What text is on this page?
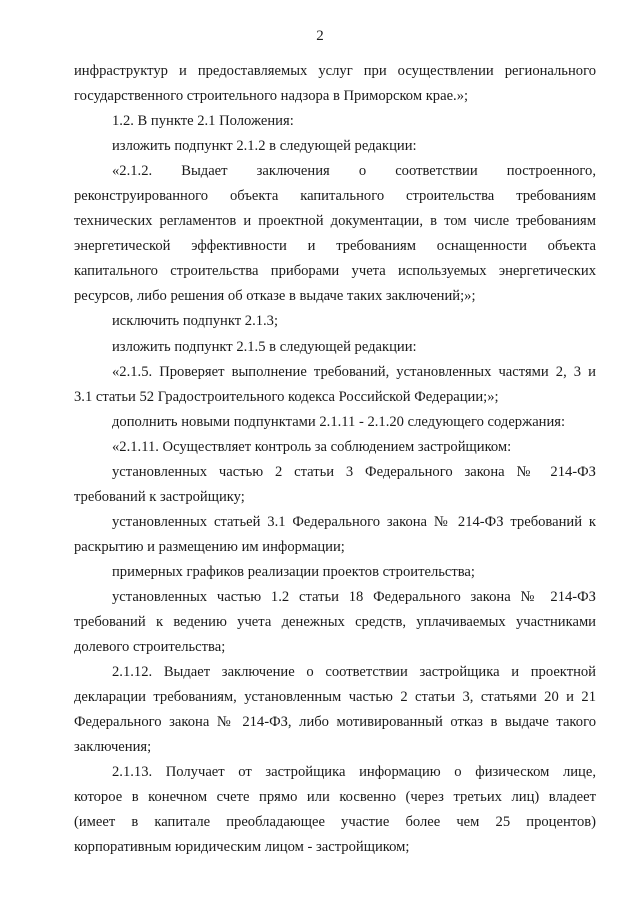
2
инфраструктур и предоставляемых услуг при осуществлении регионального
государственного строительного надзора в Приморском крае.»;
1.2. В пункте 2.1 Положения:
изложить подпункт 2.1.2 в следующей редакции:
«2.1.2. Выдает заключения о соответствии построенного,
реконструированного объекта капитального строительства требованиям
технических регламентов и проектной документации, в том числе требованиям
энергетической эффективности и требованиям оснащенности объекта
капитального строительства приборами учета используемых энергетических
ресурсов, либо решения об отказе в выдаче таких заключений;»;
исключить подпункт 2.1.3;
изложить подпункт 2.1.5 в следующей редакции:
«2.1.5. Проверяет выполнение требований, установленных частями 2, 3 и
3.1 статьи 52 Градостроительного кодекса Российской Федерации;»;
дополнить новыми подпунктами 2.1.11 - 2.1.20 следующего содержания:
«2.1.11. Осуществляет контроль за соблюдением застройщиком:
установленных частью 2 статьи 3 Федерального закона № 214-ФЗ
требований к застройщику;
установленных статьей 3.1 Федерального закона № 214-ФЗ требований к
раскрытию и размещению им информации;
примерных графиков реализации проектов строительства;
установленных частью 1.2 статьи 18 Федерального закона № 214-ФЗ
требований к ведению учета денежных средств, уплачиваемых участниками
долевого строительства;
2.1.12. Выдает заключение о соответствии застройщика и проектной
декларации требованиям, установленным частью 2 статьи 3, статьями 20 и 21
Федерального закона № 214-ФЗ, либо мотивированный отказ в выдаче такого
заключения;
2.1.13. Получает от застройщика информацию о физическом лице,
которое в конечном счете прямо или косвенно (через третьих лиц) владеет
(имеет в капитале преобладающее участие более чем 25 процентов)
корпоративным юридическим лицом - застройщиком;
